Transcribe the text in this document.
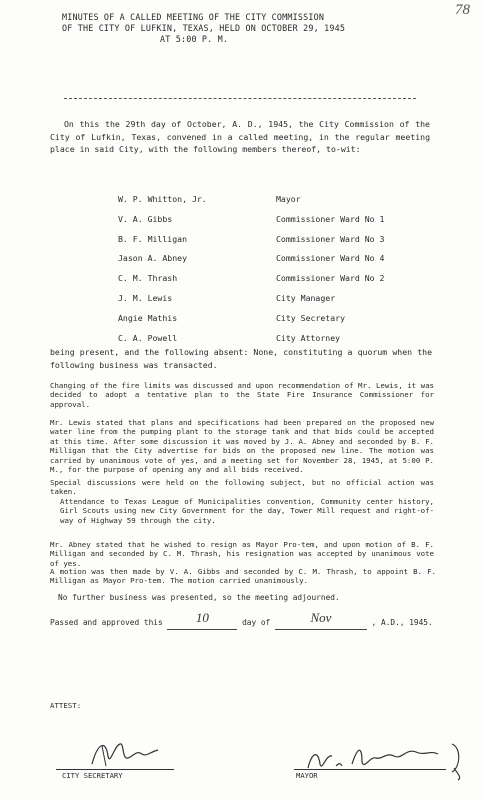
78
MINUTES OF A CALLED MEETING OF THE CITY COMMISSION
OF THE CITY OF LUFKIN, TEXAS, HELD ON OCTOBER 29, 1945
AT 5:00 P. M.
On this the 29th day of October, A. D., 1945, the City Commission of the City of Lufkin, Texas, convened in a called meeting, in the regular meeting place in said City, with the following members thereof, to-wit:
W. P. Whitton, Jr.	Mayor
V. A. Gibbs	Commissioner Ward No 1
B. F. Milligan	Commissioner Ward No 3
Jason A. Abney	Commissioner Ward No 4
C. M. Thrash	Commissioner Ward No 2
J. M. Lewis	City Manager
Angie Mathis	City Secretary
C. A. Powell	City Attorney
being present, and the following absent: None, constituting a quorum when the following business was transacted.
Changing of the fire limits was discussed and upon recommendation of Mr. Lewis, it was decided to adopt a tentative plan to the State Fire Insurance Commissioner for approval.
Mr. Lewis stated that plans and specifications had been prepared on the proposed new water line from the pumping plant to the storage tank and that bids could be accepted at this time. After some discussion it was moved by J. A. Abney and seconded by B. F. Milligan that the City advertise for bids on the proposed new line. The motion was carried by unanimous vote of yes, and a meeting set for November 28, 1945, at 5:00 P. M., for the purpose of opening any and all bids received.
Special discussions were held on the following subject, but no official action was taken.
Attendance to Texas League of Municipalities convention, Community center history, Girl Scouts using new City Government for the day, Tower Mill request and right-of-way of Highway 59 through the city.
Mr. Abney stated that he wished to resign as Mayor Pro-tem, and upon motion of B. F. Milligan and seconded by C. M. Thrash, his resignation was accepted by unanimous vote of yes.
A motion was then made by V. A. Gibbs and seconded by C. M. Thrash, to appoint B. F. Milligan as Mayor Pro-tem. The motion carried unanimously.
No further business was presented, so the meeting adjourned.
Passed and approved this	10	day of	Nov	, A.D., 1945.
ATTEST:
CITY SECRETARY	MAYOR
